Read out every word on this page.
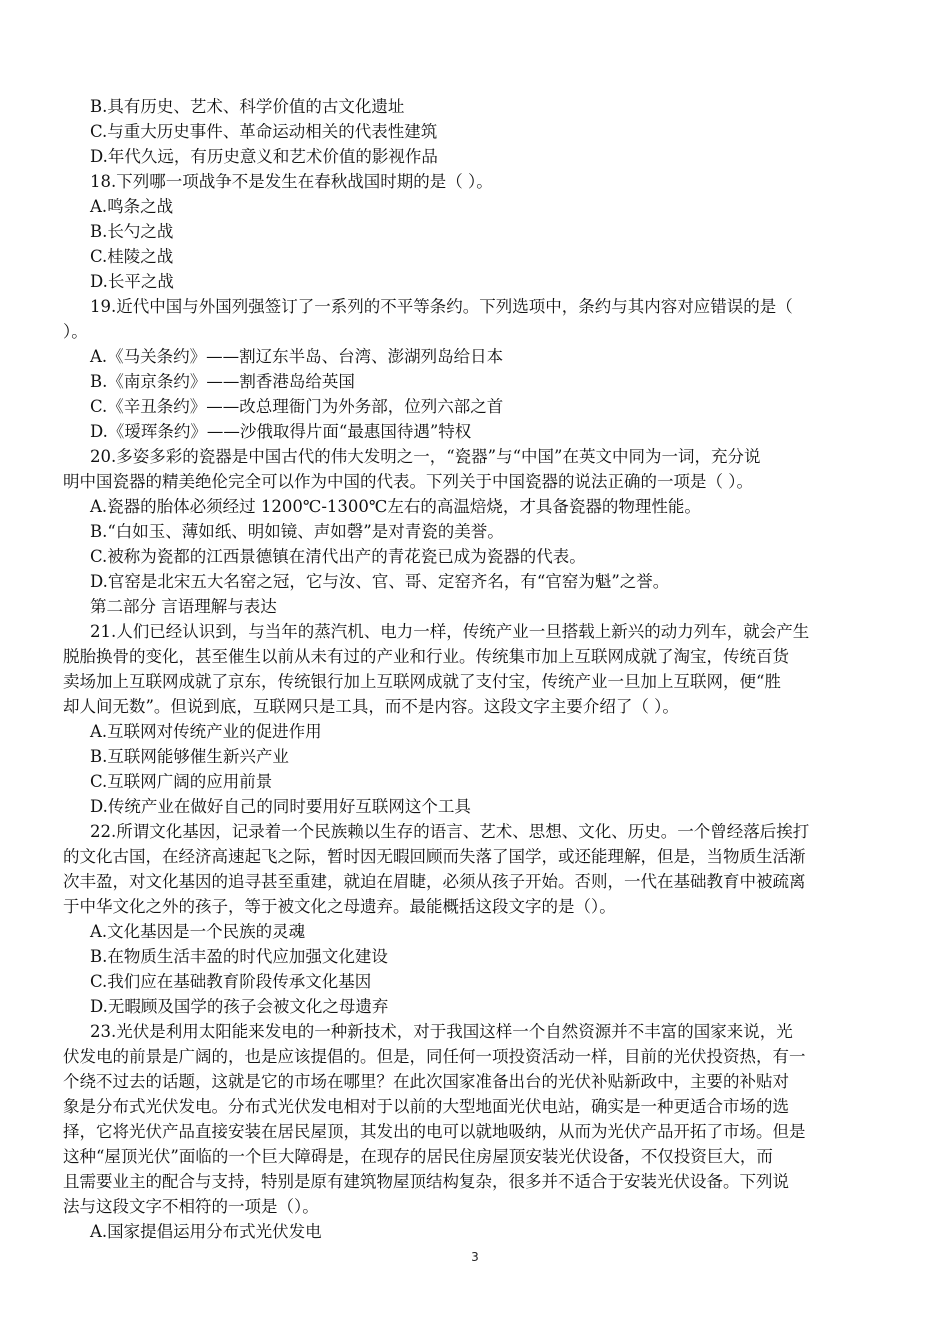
B.具有历史、艺术、科学价值的古文化遗址
C.与重大历史事件、革命运动相关的代表性建筑
D.年代久远，有历史意义和艺术价值的影视作品
18.下列哪一项战争不是发生在春秋战国时期的是（ ）。
A.鸣条之战
B.长勺之战
C.桂陵之战
D.长平之战
19.近代中国与外国列强签订了一系列的不平等条约。下列选项中，条约与其内容对应错误的是（
）。
A.《马关条约》——割辽东半岛、台湾、澎湖列岛给日本
B.《南京条约》——割香港岛给英国
C.《辛丑条约》——改总理衙门为外务部，位列六部之首
D.《瑷珲条约》——沙俄取得片面“最惠国待遇”特权
20.多姿多彩的瓷器是中国古代的伟大发明之一，“瓷器”与“中国”在英文中同为一词，充分说
明中国瓷器的精美绝伦完全可以作为中国的代表。下列关于中国瓷器的说法正确的一项是（ ）。
A.瓷器的胎体必须经过 1200℃-1300℃左右的高温焙烧，才具备瓷器的物理性能。
B.“白如玉、薄如纸、明如镜、声如磬”是对青瓷的美誉。
C.被称为瓷都的江西景德镇在清代出产的青花瓷已成为瓷器的代表。
D.官窑是北宋五大名窑之冠，它与汝、官、哥、定窑齐名，有“官窑为魁”之誉。
第二部分 言语理解与表达
21.人们已经认识到，与当年的蒸汽机、电力一样，传统产业一旦搭载上新兴的动力列车，就会产生
脱胎换骨的变化，甚至催生以前从未有过的产业和行业。传统集市加上互联网成就了淘宝，传统百货
卖场加上互联网成就了京东，传统银行加上互联网成就了支付宝，传统产业一旦加上互联网，便“胜
却人间无数”。但说到底，互联网只是工具，而不是内容。这段文字主要介绍了（ ）。
A.互联网对传统产业的促进作用
B.互联网能够催生新兴产业
C.互联网广阔的应用前景
D.传统产业在做好自己的同时要用好互联网这个工具
22.所谓文化基因，记录着一个民族赖以生存的语言、艺术、思想、文化、历史。一个曾经落后挨打
的文化古国，在经济高速起飞之际，暂时因无暇回顾而失落了国学，或还能理解，但是，当物质生活渐
次丰盈，对文化基因的追寻甚至重建，就迫在眉睫，必须从孩子开始。否则，一代在基础教育中被疏离
于中华文化之外的孩子，等于被文化之母遗弃。最能概括这段文字的是（）。
A.文化基因是一个民族的灵魂
B.在物质生活丰盈的时代应加强文化建设
C.我们应在基础教育阶段传承文化基因
D.无暇顾及国学的孩子会被文化之母遗弃
23.光伏是利用太阳能来发电的一种新技术，对于我国这样一个自然资源并不丰富的国家来说，光
伏发电的前景是广阔的，也是应该提倡的。但是，同任何一项投资活动一样，目前的光伏投资热，有一
个绕不过去的话题，这就是它的市场在哪里？在此次国家准备出台的光伏补贴新政中，主要的补贴对
象是分布式光伏发电。分布式光伏发电相对于以前的大型地面光伏电站，确实是一种更适合市场的选
择，它将光伏产品直接安装在居民屋顶，其发出的电可以就地吸纳，从而为光伏产品开拓了市场。但是
这种“屋顶光伏”面临的一个巨大障碍是，在现存的居民住房屋顶安装光伏设备，不仅投资巨大，而
且需要业主的配合与支持，特别是原有建筑物屋顶结构复杂，很多并不适合于安装光伏设备。下列说
法与这段文字不相符的一项是（）。
A.国家提倡运用分布式光伏发电
3
